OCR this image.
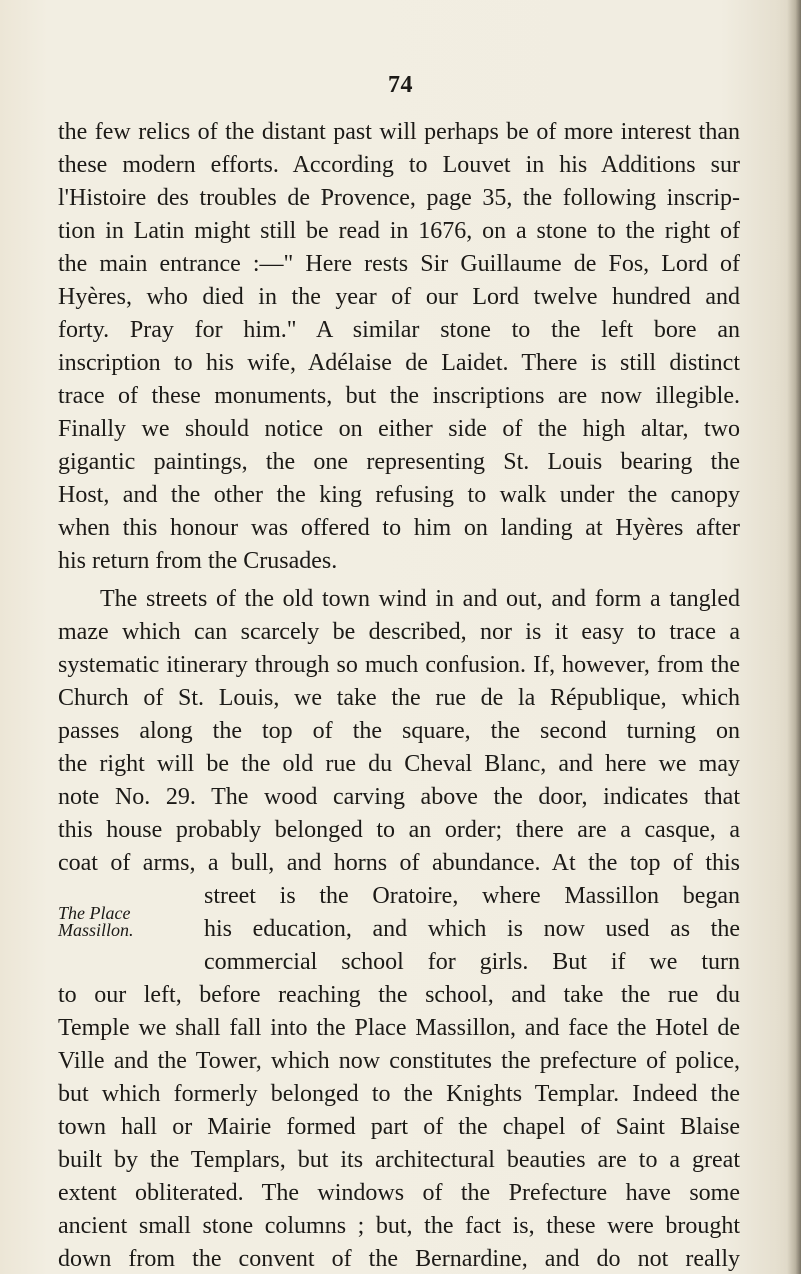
74
the few relics of the distant past will perhaps be of more interest than
these modern efforts. According to Louvet in his Additions sur
l'Histoire des troubles de Provence, page 35, the following inscrip-
tion in Latin might still be read in 1676, on a stone to the right of
the main entrance :—" Here rests Sir Guillaume de Fos, Lord of
Hyères, who died in the year of our Lord twelve hundred and
forty. Pray for him." A similar stone to the left bore an
inscription to his wife, Adélaise de Laidet. There is still distinct
trace of these monuments, but the inscriptions are now illegible.
Finally we should notice on either side of the high altar, two
gigantic paintings, the one representing St. Louis bearing the
Host, and the other the king refusing to walk under the canopy
when this honour was offered to him on landing at Hyères after
his return from the Crusades.
The streets of the old town wind in and out, and form a tangled
maze which can scarcely be described, nor is it easy to trace a
systematic itinerary through so much confusion. If, however, from the
Church of St. Louis, we take the rue de la République, which
passes along the top of the square, the second turning on
the right will be the old rue du Cheval Blanc, and here we may
note No. 29. The wood carving above the door, indicates that
this house probably belonged to an order; there are a casque, a
coat of arms, a bull, and horns of abundance. At the top of this
street is the Oratoire, where Massillon began
his education, and which is now used as the
commercial school for girls. But if we turn
The Place
Massillon.
to our left, before reaching the school, and take the rue du
Temple we shall fall into the Place Massillon, and face the Hotel de
Ville and the Tower, which now constitutes the prefecture of police,
but which formerly belonged to the Knights Templar. Indeed the
town hall or Mairie formed part of the chapel of Saint Blaise
built by the Templars, but its architectural beauties are to a great
extent obliterated. The windows of the Prefecture have some
ancient small stone columns ; but, the fact is, these were brought
down from the convent of the Bernardine, and do not really
